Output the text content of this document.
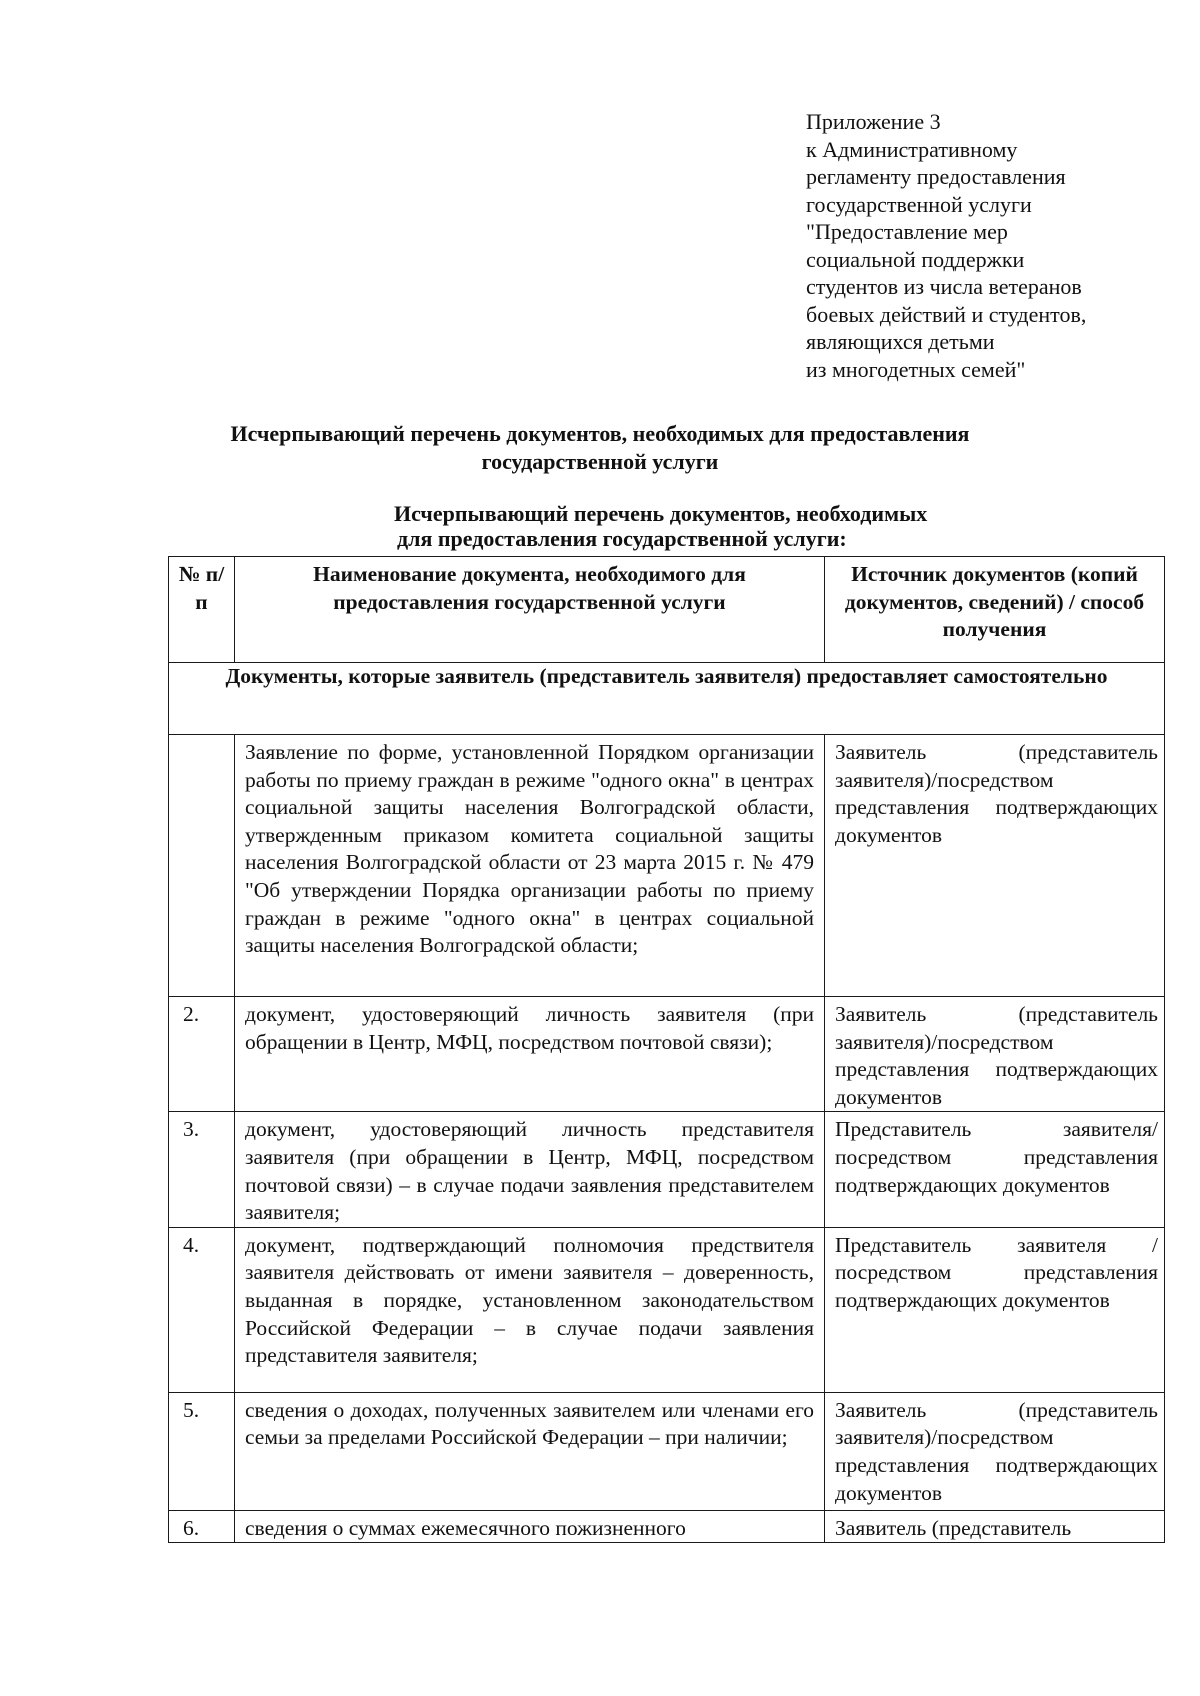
Приложение 3
к Административному
регламенту предоставления
государственной услуги
"Предоставление мер
социальной поддержки
студентов из числа ветеранов
боевых действий и студентов,
являющихся детьми
из многодетных семей"
Исчерпывающий перечень документов, необходимых для предоставления
государственной услуги
Исчерпывающий перечень документов, необходимых
для предоставления государственной услуги:
№ п/п	Наименование документа, необходимого для предоставления государственной услуги	Источник документов (копий документов, сведений) / способ получения
Документы, которые заявитель (представитель заявителя) предоставляет самостоятельно		
	Заявление по форме, установленной Порядком организации работы по приему граждан в режиме "одного окна" в центрах социальной защиты населения Волгоградской области, утвержденным приказом комитета социальной защиты населения Волгоградской области от 23 марта 2015 г. № 479 "Об утверждении Порядка организации работы по приему граждан в режиме "одного окна" в центрах социальной защиты населения Волгоградской области;	Заявитель (представитель заявителя)/посредством представления подтверждающих документов
2.	документ, удостоверяющий личность заявителя (при обращении в Центр, МФЦ, посредством почтовой связи);	Заявитель (представитель заявителя)/посредством представления подтверждающих документов
3.	документ, удостоверяющий личность представителя заявителя (при обращении в Центр, МФЦ, посредством почтовой связи) – в случае подачи заявления представителем заявителя;	Представитель заявителя/посредством представления подтверждающих документов
4.	документ, подтверждающий полномочия предствителя заявителя действовать от имени заявителя – доверенность, выданная в порядке, установленном законодательством Российской Федерации – в случае подачи заявления представителя заявителя;	Представитель заявителя /посредством представления подтверждающих документов
5.	сведения о доходах, полученных заявителем или членами его семьи за пределами Российской Федерации – при наличии;	Заявитель (представитель заявителя)/посредством представления подтверждающих документов
6.	сведения о суммах ежемесячного пожизненного	Заявитель (представитель
